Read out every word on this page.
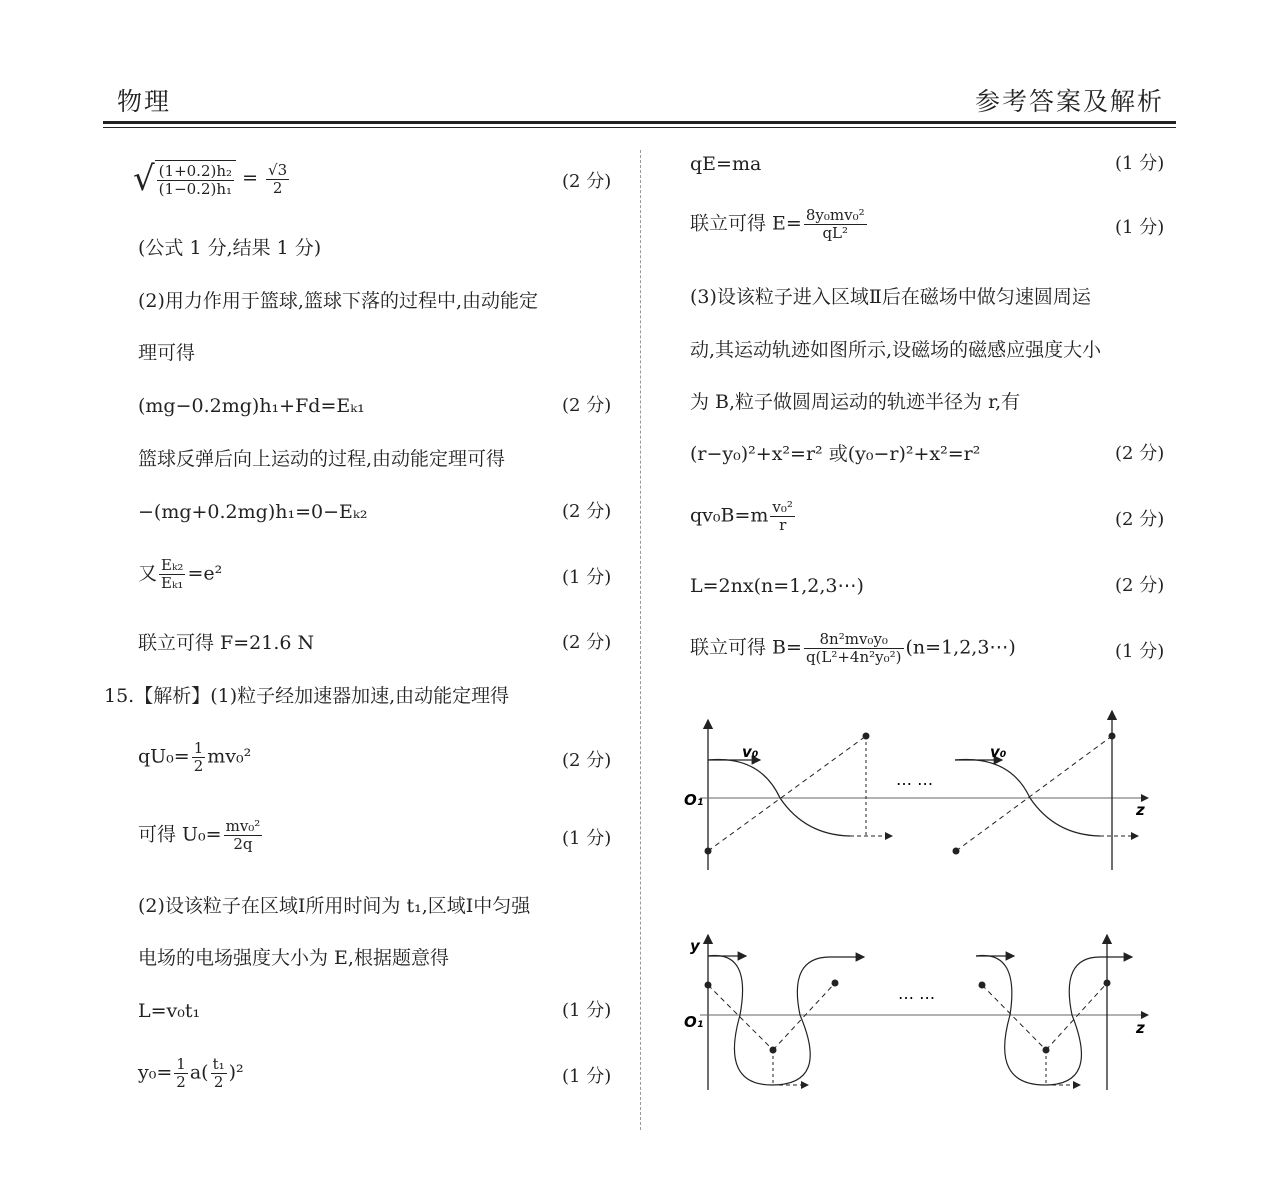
物理	参考答案及解析
√ $\frac{\text{(1+0.2)h₂}}{\text{(1−0.2)h₁}} = \frac{√3}{2}$	(2 分)
(公式 1 分,结果 1 分)
(2)用力作用于篮球,篮球下落的过程中,由动能定
理可得
(mg−0.2mg)h₁+Fd=Eₖ₁	(2 分)
篮球反弹后向上运动的过程,由动能定理可得
−(mg+0.2mg)h₁=0−Eₖ₂	(2 分)
又 $\frac{\text{Eₖ₂}}{\text{Eₖ₁}} =e^2$	(1 分)
联立可得 F=21.6 N	(2 分)
15.【解析】(1)粒子经加速器加速,由动能定理得
$qU_0= \frac{1}{2} mv_0^2$	(2 分)
可得 $U_0= \frac{\text{mv₀²}}{2q}$	(1 分)
(2)设该粒子在区域Ⅰ所用时间为 t₁,区域Ⅰ中匀强
电场的电场强度大小为 E,根据题意得
L=v₀t₁	(1 分)
$y_0= \frac{1}{2} a( \frac{\text{t₁}}{2} )^2$	(1 分)
qE=ma	(1 分)
联立可得 $E= \frac{\text{8y₀mv₀²}}{\text{qL²}}$	(1 分)
(3)设该粒子进入区域Ⅱ后在磁场中做匀速圆周运
动,其运动轨迹如图所示,设磁场的磁感应强度大小
为 B,粒子做圆周运动的轨迹半径为 r,有
(r−y₀)²+x²=r² 或(y₀−r)²+x²=r²	(2 分)
$qv_0B=m \frac{\text{v₀²}}{r}$	(2 分)
L=2nx(n=1,2,3⋯)	(2 分)
联立可得 $B= \frac{\text{8n²mv₀y₀}}{\text{q(L²+4n²y₀²)}}$ (n=1,2,3⋯)	(1 分)
v₀	v₀
O₁
z
… …
y
O₁	z
… …
